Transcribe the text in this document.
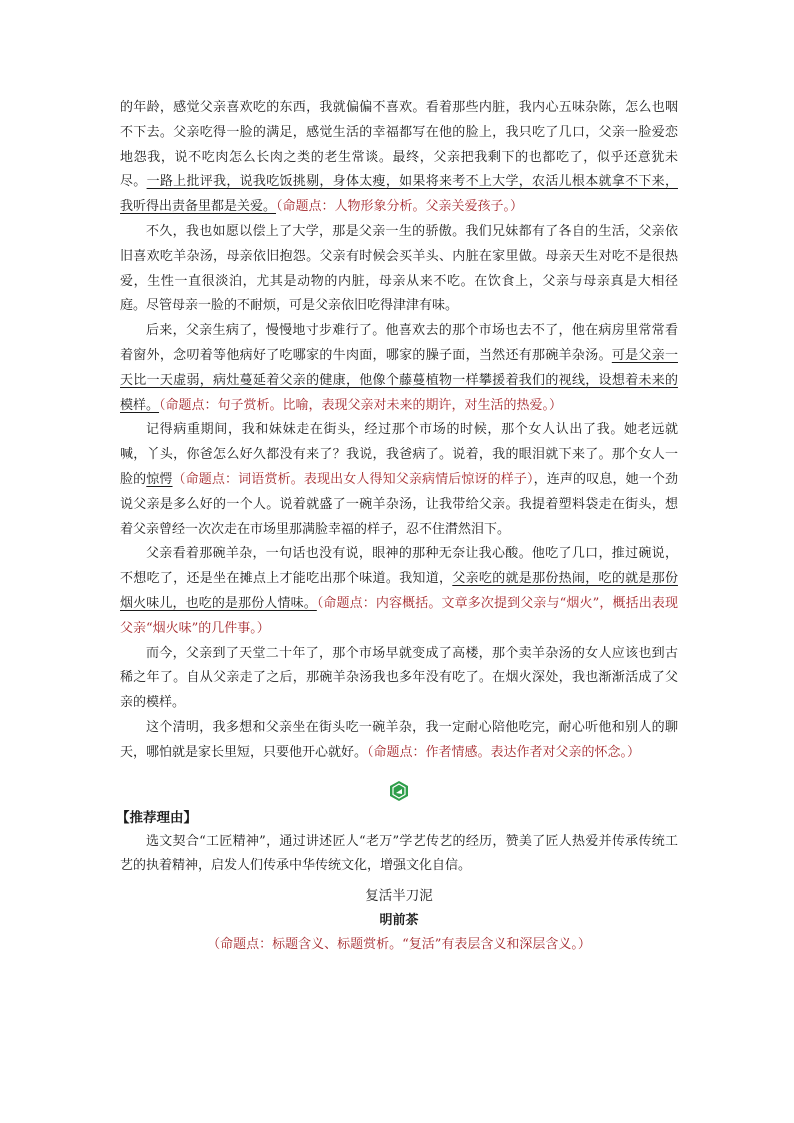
的年龄，感觉父亲喜欢吃的东西，我就偏偏不喜欢。看着那些内脏，我内心五味杂陈，怎么也咽不下去。父亲吃得一脸的满足，感觉生活的幸福都写在他的脸上，我只吃了几口，父亲一脸爱恋地怨我，说不吃肉怎么长肉之类的老生常谈。最终，父亲把我剩下的也都吃了，似乎还意犹未尽。一路上批评我，说我吃饭挑剔，身体太瘦，如果将来考不上大学，农活儿根本就拿不下来，我听得出责备里都是关爱。（命题点：人物形象分析。父亲关爱孩子。）

不久，我也如愿以偿上了大学，那是父亲一生的骄傲。我们兄妹都有了各自的生活，父亲依旧喜欢吃羊杂汤，母亲依旧抱怨。父亲有时候会买羊头、内脏在家里做。母亲天生对吃不是很热爱，生性一直很淡泊，尤其是动物的内脏，母亲从来不吃。在饮食上，父亲与母亲真是大相径庭。尽管母亲一脸的不耐烦，可是父亲依旧吃得津津有味。

后来，父亲生病了，慢慢地寸步难行了。他喜欢去的那个市场也去不了，他在病房里常常看着窗外，念叨着等他病好了吃哪家的牛肉面，哪家的臊子面，当然还有那碗羊杂汤。可是父亲一天比一天虚弱，病灶蔓延着父亲的健康，他像个藤蔓植物一样攀援着我们的视线，设想着未来的模样。（命题点：句子赏析。比喻，表现父亲对未来的期许，对生活的热爱。）

记得病重期间，我和妹妹走在街头，经过那个市场的时候，那个女人认出了我。她老远就喊，丫头，你爸怎么好久都没有来了？我说，我爸病了。说着，我的眼泪就下来了。那个女人一脸的惊愕（命题点：词语赏析。表现出女人得知父亲病情后惊讶的样子），连声的叹息，她一个劲说父亲是多么好的一个人。说着就盛了一碗羊杂汤，让我带给父亲。我提着塑料袋走在街头，想着父亲曾经一次次走在市场里那满脸幸福的样子，忍不住潸然泪下。

父亲看着那碗羊杂，一句话也没有说，眼神的那种无奈让我心酸。他吃了几口，推过碗说，不想吃了，还是坐在摊点上才能吃出那个味道。我知道，父亲吃的就是那份热闹，吃的就是那份烟火味儿，也吃的是那份人情味。（命题点：内容概括。文章多次提到父亲与“烟火”，概括出表现父亲“烟火味”的几件事。）

而今，父亲到了天堂二十年了，那个市场早就变成了高楼，那个卖羊杂汤的女人应该也到古稀之年了。自从父亲走了之后，那碗羊杂汤我也多年没有吃了。在烟火深处，我也渐渐活成了父亲的模样。

这个清明，我多想和父亲坐在街头吃一碗羊杂，我一定耐心陪他吃完，耐心听他和别人的聊天，哪怕就是家长里短，只要他开心就好。（命题点：作者情感。表达作者对父亲的怀念。）

【推荐理由】

选文契合“工匠精神”，通过讲述匠人“老万”学艺传艺的经历，赞美了匠人热爱并传承传统工艺的执着精神，启发人们传承中华传统文化，增强文化自信。

复活半刀泥
明前茶
（命题点：标题含义、标题赏析。“复活”有表层含义和深层含义。）
